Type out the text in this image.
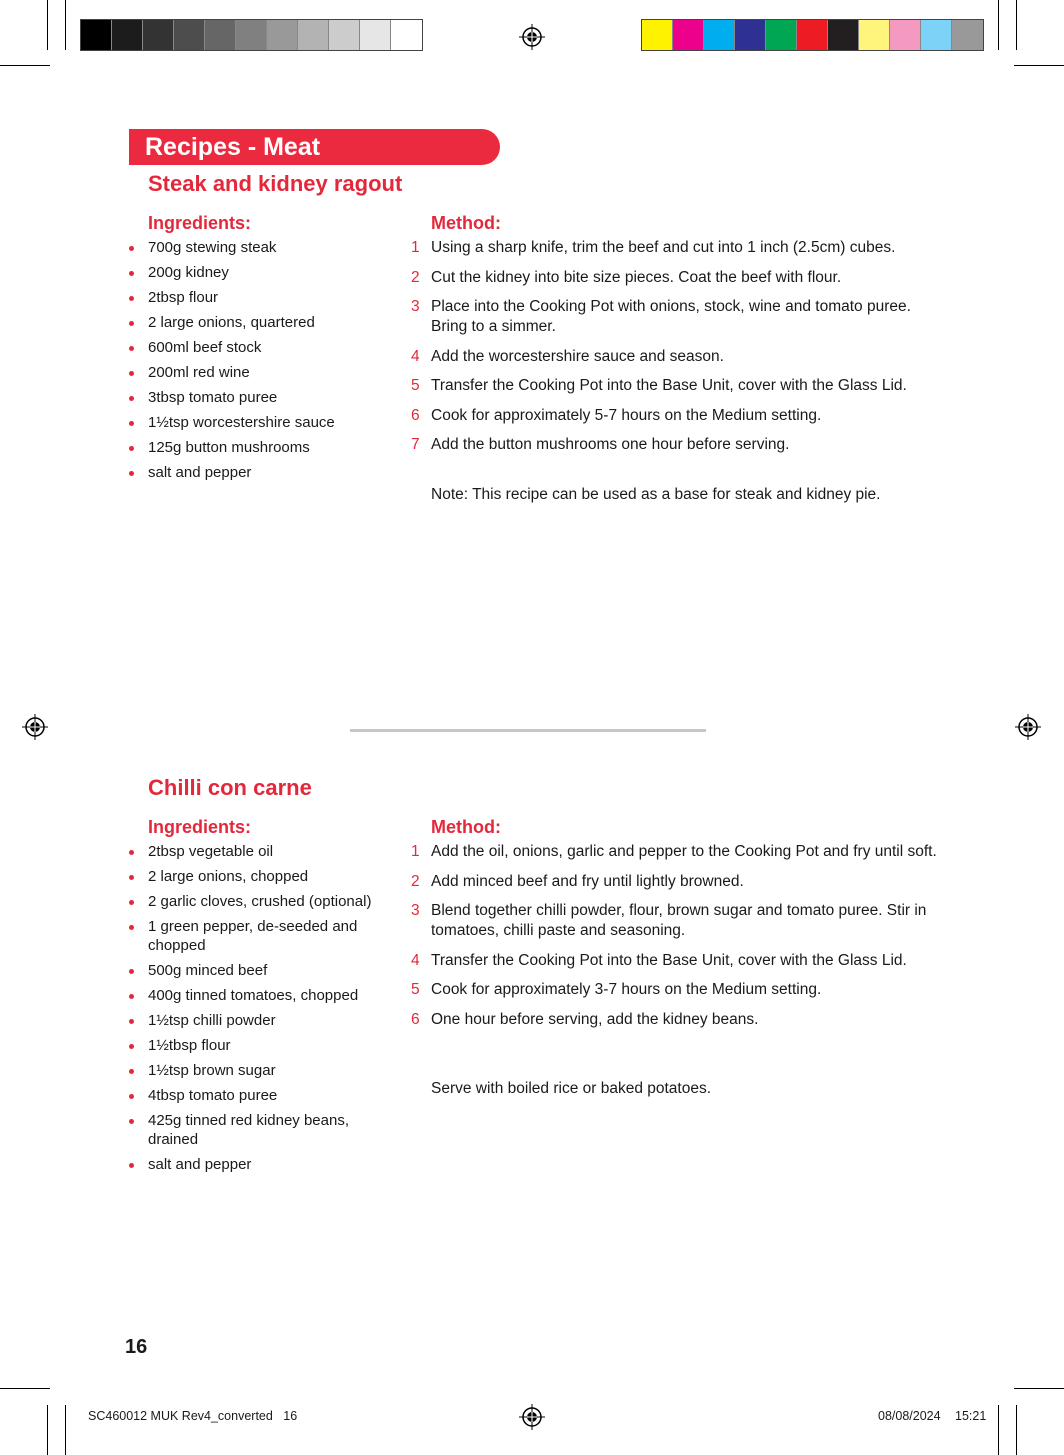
Recipes - Meat
Steak and kidney ragout
Ingredients:
700g stewing steak
200g kidney
2tbsp flour
2 large onions, quartered
600ml beef stock
200ml red wine
3tbsp tomato puree
1½tsp worcestershire sauce
125g button mushrooms
salt and pepper
Method:
1 Using a sharp knife, trim the beef and cut into 1 inch (2.5cm) cubes.
2 Cut the kidney into bite size pieces. Coat the beef with flour.
3 Place into the Cooking Pot with onions, stock, wine and tomato puree. Bring to a simmer.
4 Add the worcestershire sauce and season.
5 Transfer the Cooking Pot into the Base Unit, cover with the Glass Lid.
6 Cook for approximately 5-7 hours on the Medium setting.
7 Add the button mushrooms one hour before serving.
Note: This recipe can be used as a base for steak and kidney pie.
Chilli con carne
Ingredients:
2tbsp vegetable oil
2 large onions, chopped
2 garlic cloves, crushed (optional)
1 green pepper, de-seeded and chopped
500g minced beef
400g tinned tomatoes, chopped
1½tsp chilli powder
1½tbsp flour
1½tsp brown sugar
4tbsp tomato puree
425g tinned red kidney beans, drained
salt and pepper
Method:
1 Add the oil, onions, garlic and pepper to the Cooking Pot and fry until soft.
2 Add minced beef and fry until lightly browned.
3 Blend together chilli powder, flour, brown sugar and tomato puree. Stir in tomatoes, chilli paste and seasoning.
4 Transfer the Cooking Pot into the Base Unit, cover with the Glass Lid.
5 Cook for approximately 3-7 hours on the Medium setting.
6 One hour before serving, add the kidney beans.
Serve with boiled rice or baked potatoes.
16
SC460012 MUK Rev4_converted   16	08/08/2024 15:21
